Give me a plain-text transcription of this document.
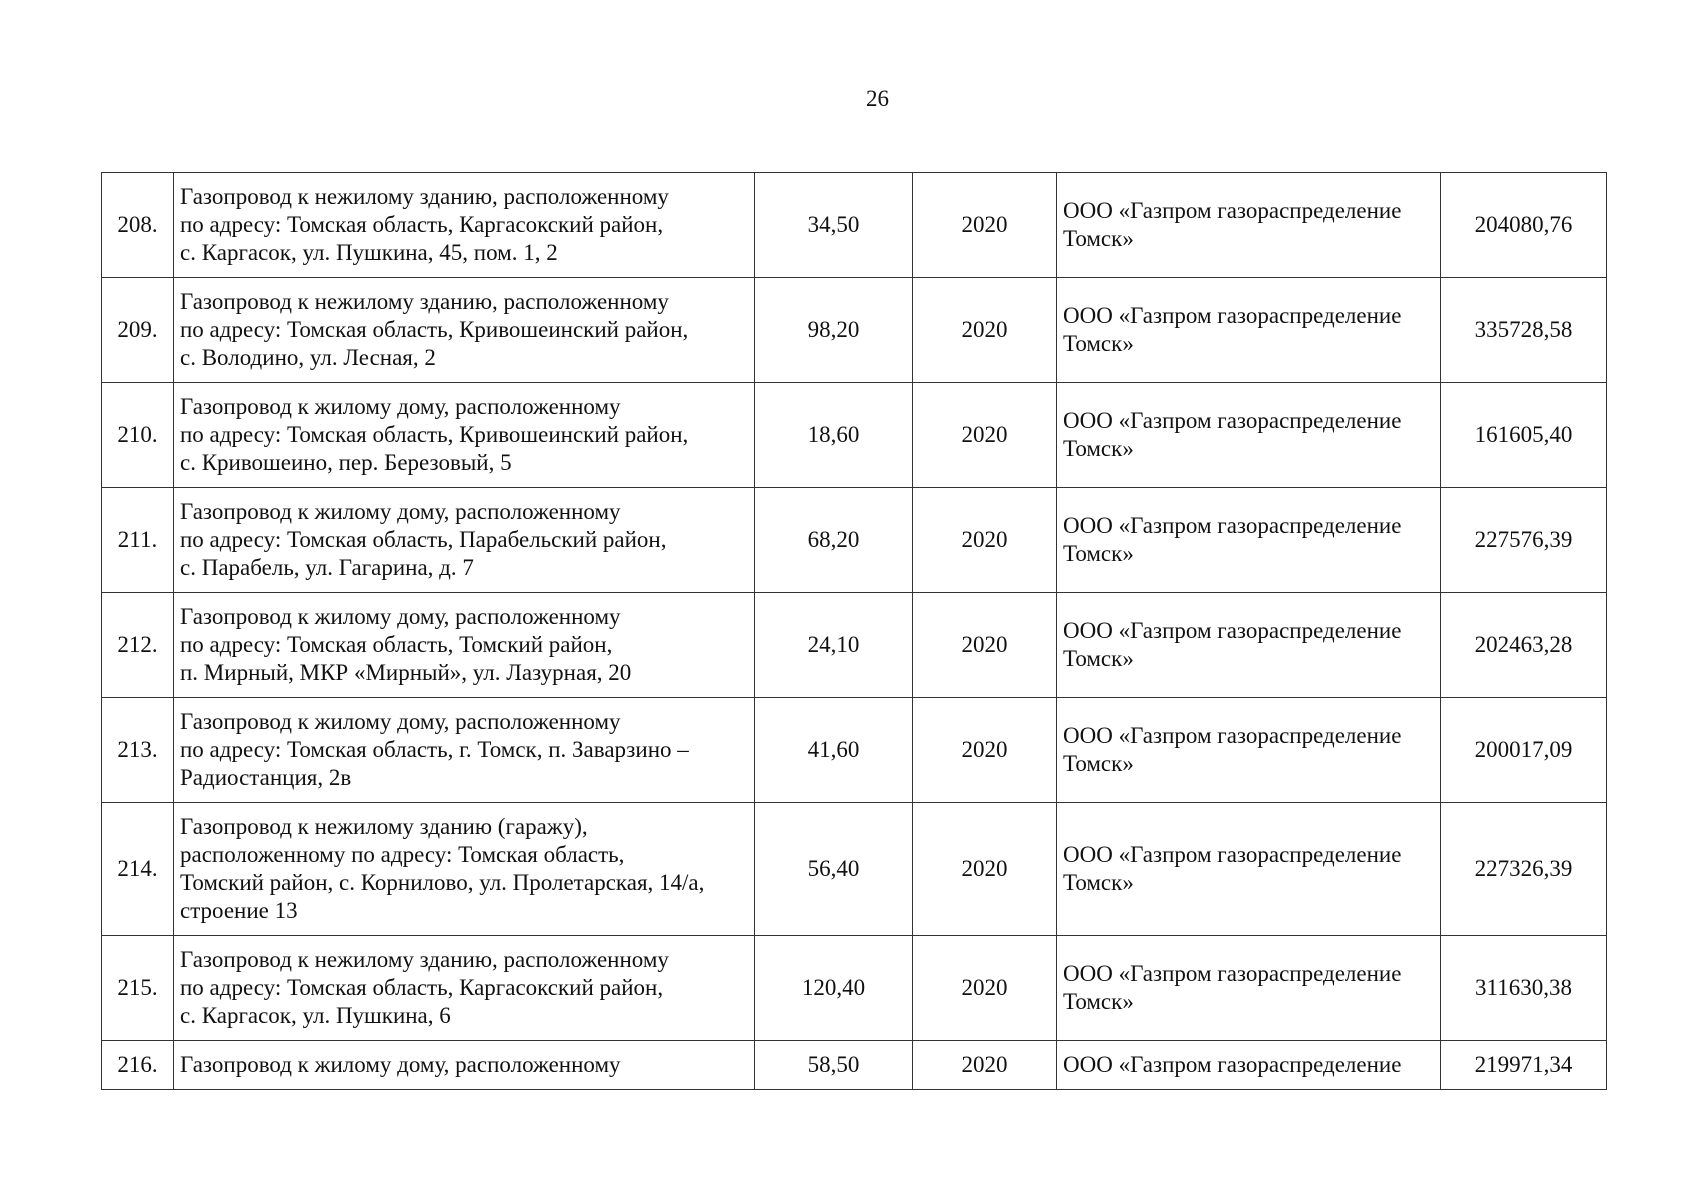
26
208.	Газопровод к нежилому зданию, расположенному
по адресу: Томская область, Каргасокский район,
с. Каргасок, ул. Пушкина, 45, пом. 1, 2	34,50	2020	ООО «Газпром газораспределение
Томск»	204080,76
209.	Газопровод к нежилому зданию, расположенному
по адресу: Томская область, Кривошеинский район,
с. Володино, ул. Лесная, 2	98,20	2020	ООО «Газпром газораспределение
Томск»	335728,58
210.	Газопровод к жилому дому, расположенному
по адресу: Томская область, Кривошеинский район,
с. Кривошеино, пер. Березовый, 5	18,60	2020	ООО «Газпром газораспределение
Томск»	161605,40
211.	Газопровод к жилому дому, расположенному
по адресу: Томская область, Парабельский район,
с. Парабель, ул. Гагарина, д. 7	68,20	2020	ООО «Газпром газораспределение
Томск»	227576,39
212.	Газопровод к жилому дому, расположенному
по адресу: Томская область, Томский район,
п. Мирный, МКР «Мирный», ул. Лазурная, 20	24,10	2020	ООО «Газпром газораспределение
Томск»	202463,28
213.	Газопровод к жилому дому, расположенному
по адресу: Томская область, г. Томск, п. Заварзино –
Радиостанция, 2в	41,60	2020	ООО «Газпром газораспределение
Томск»	200017,09
214.	Газопровод к нежилому зданию (гаражу),
расположенному по адресу: Томская область,
Томский район, с. Корнилово, ул. Пролетарская, 14/а,
строение 13	56,40	2020	ООО «Газпром газораспределение
Томск»	227326,39
215.	Газопровод к нежилому зданию, расположенному
по адресу: Томская область, Каргасокский район,
с. Каргасок, ул. Пушкина, 6	120,40	2020	ООО «Газпром газораспределение
Томск»	311630,38
216.	Газопровод к жилому дому, расположенному	58,50	2020	ООО «Газпром газораспределение	219971,34
